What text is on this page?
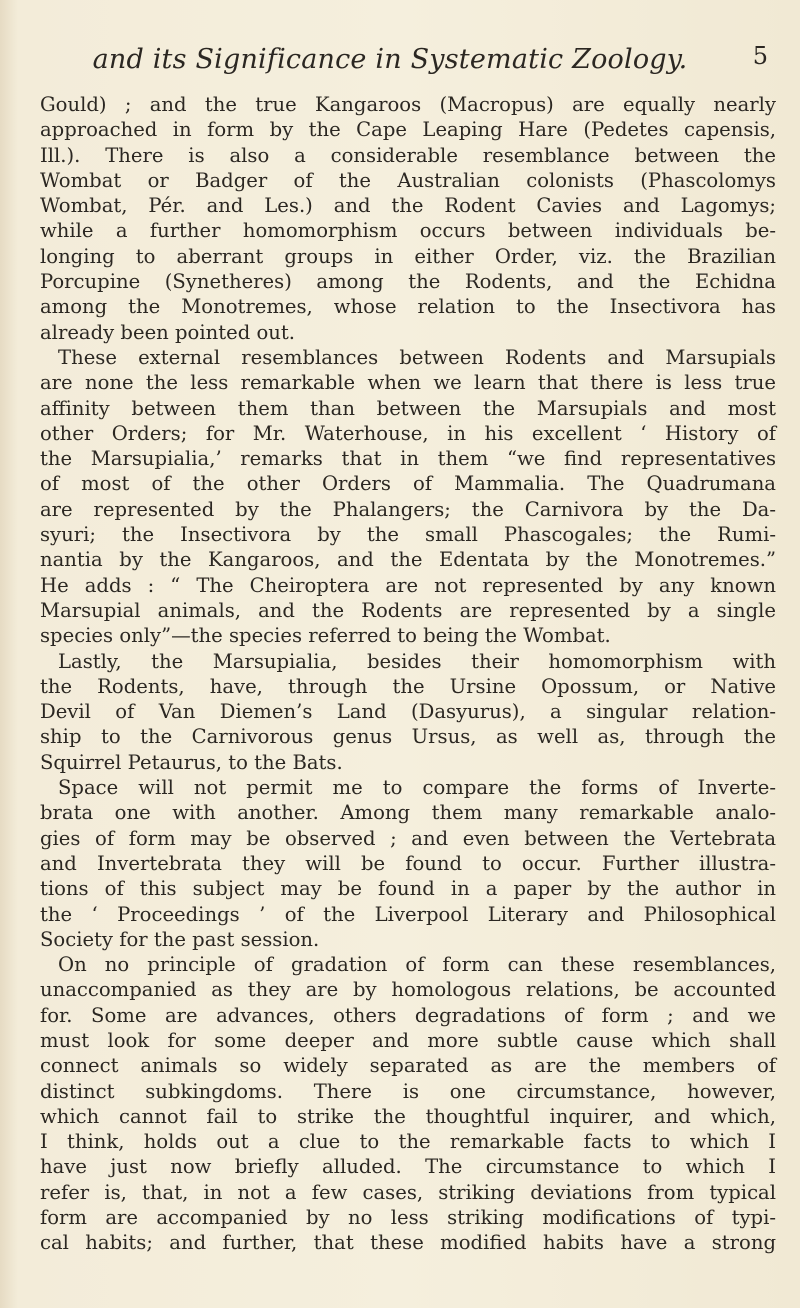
and its Significance in Systematic Zoology.	5
Gould) ; and the true Kangaroos (Macropus) are equally nearly
approached in form by the Cape Leaping Hare (Pedetes capensis,
Ill.). There is also a considerable resemblance between the
Wombat or Badger of the Australian colonists (Phascolomys
Wombat, Pér. and Les.) and the Rodent Cavies and Lagomys;
while a further homomorphism occurs between individuals be-
longing to aberrant groups in either Order, viz. the Brazilian
Porcupine (Synetheres) among the Rodents, and the Echidna
among the Monotremes, whose relation to the Insectivora has
already been pointed out.
These external resemblances between Rodents and Marsupials
are none the less remarkable when we learn that there is less true
affinity between them than between the Marsupials and most
other Orders; for Mr. Waterhouse, in his excellent ‘ History of
the Marsupialia,’ remarks that in them “we find representatives
of most of the other Orders of Mammalia. The Quadrumana
are represented by the Phalangers; the Carnivora by the Da-
syuri; the Insectivora by the small Phascogales; the Rumi-
nantia by the Kangaroos, and the Edentata by the Monotremes.”
He adds : “ The Cheiroptera are not represented by any known
Marsupial animals, and the Rodents are represented by a single
species only”—the species referred to being the Wombat.
Lastly, the Marsupialia, besides their homomorphism with
the Rodents, have, through the Ursine Opossum, or Native
Devil of Van Diemen’s Land (Dasyurus), a singular relation-
ship to the Carnivorous genus Ursus, as well as, through the
Squirrel Petaurus, to the Bats.
Space will not permit me to compare the forms of Inverte-
brata one with another. Among them many remarkable analo-
gies of form may be observed ; and even between the Vertebrata
and Invertebrata they will be found to occur. Further illustra-
tions of this subject may be found in a paper by the author in
the ‘ Proceedings ’ of the Liverpool Literary and Philosophical
Society for the past session.
On no principle of gradation of form can these resemblances,
unaccompanied as they are by homologous relations, be accounted
for. Some are advances, others degradations of form ; and we
must look for some deeper and more subtle cause which shall
connect animals so widely separated as are the members of
distinct subkingdoms. There is one circumstance, however,
which cannot fail to strike the thoughtful inquirer, and which,
I think, holds out a clue to the remarkable facts to which I
have just now briefly alluded. The circumstance to which I
refer is, that, in not a few cases, striking deviations from typical
form are accompanied by no less striking modifications of typi-
cal habits; and further, that these modified habits have a strong
